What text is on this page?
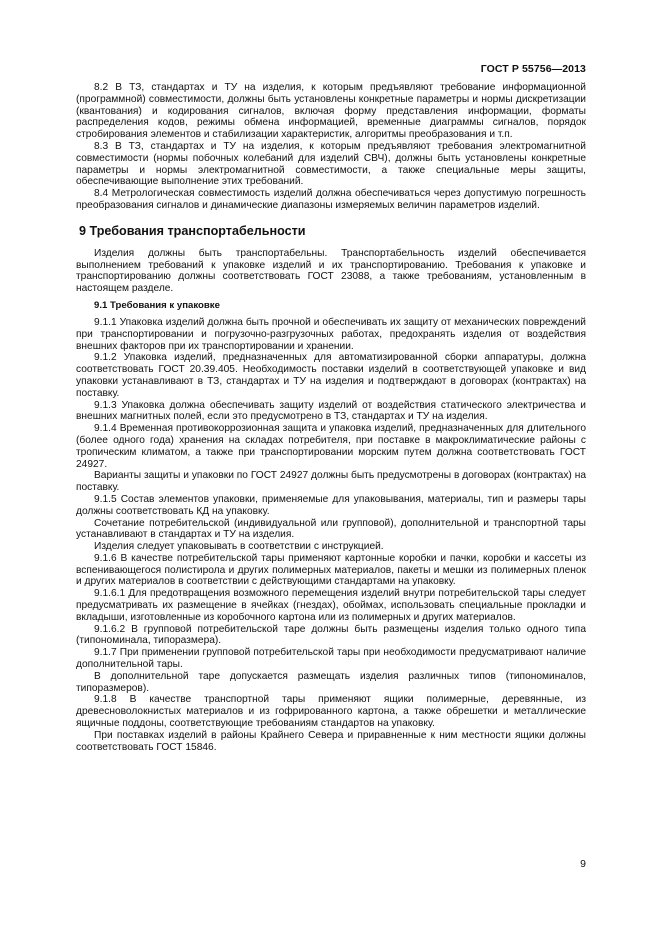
ГОСТ Р 55756—2013

8.2 В ТЗ, стандартах и ТУ на изделия, к которым предъявляют требование информационной (программной) совместимости, должны быть установлены конкретные параметры и нормы дискретизации (квантования) и кодирования сигналов, включая форму представления информации, форматы распределения кодов, режимы обмена информацией, временные диаграммы сигналов, порядок стробирования элементов и стабилизации характеристик, алгоритмы преобразования и т.п.

8.3 В ТЗ, стандартах и ТУ на изделия, к которым предъявляют требования электромагнитной совместимости (нормы побочных колебаний для изделий СВЧ), должны быть установлены конкретные параметры и нормы электромагнитной совместимости, а также специальные меры защиты, обеспечивающие выполнение этих требований.

8.4 Метрологическая совместимость изделий должна обеспечиваться через допустимую погрешность преобразования сигналов и динамические диапазоны измеряемых величин параметров изделий.

9 Требования транспортабельности

Изделия должны быть транспортабельны. Транспортабельность изделий обеспечивается выполнением требований к упаковке изделий и их транспортированию. Требования к упаковке и транспортированию должны соответствовать ГОСТ 23088, а также требованиям, установленным в настоящем разделе.

9.1 Требования к упаковке

9.1.1 Упаковка изделий должна быть прочной и обеспечивать их защиту от механических повреждений при транспортировании и погрузочно-разгрузочных работах, предохранять изделия от воздействия внешних факторов при их транспортировании и хранении.

9.1.2 Упаковка изделий, предназначенных для автоматизированной сборки аппаратуры, должна соответствовать ГОСТ 20.39.405. Необходимость поставки изделий в соответствующей упаковке и вид упаковки устанавливают в ТЗ, стандартах и ТУ на изделия и подтверждают в договорах (контрактах) на поставку.

9.1.3 Упаковка должна обеспечивать защиту изделий от воздействия статического электричества и внешних магнитных полей, если это предусмотрено в ТЗ, стандартах и ТУ на изделия.

9.1.4 Временная противокоррозионная защита и упаковка изделий, предназначенных для длительного (более одного года) хранения на складах потребителя, при поставке в макроклиматические районы с тропическим климатом, а также при транспортировании морским путем должна соответствовать ГОСТ 24927.

Варианты защиты и упаковки по ГОСТ 24927 должны быть предусмотрены в договорах (контрактах) на поставку.

9.1.5 Состав элементов упаковки, применяемые для упаковывания, материалы, тип и размеры тары должны соответствовать КД на упаковку.

Сочетание потребительской (индивидуальной или групповой), дополнительной и транспортной тары устанавливают в стандартах и ТУ на изделия.

Изделия следует упаковывать в соответствии с инструкцией.

9.1.6 В качестве потребительской тары применяют картонные коробки и пачки, коробки и кассеты из вспенивающегося полистирола и других полимерных материалов, пакеты и мешки из полимерных пленок и других материалов в соответствии с действующими стандартами на упаковку.

9.1.6.1 Для предотвращения возможного перемещения изделий внутри потребительской тары следует предусматривать их размещение в ячейках (гнездах), обоймах, использовать специальные прокладки и вкладыши, изготовленные из коробочного картона или из полимерных и других материалов.

9.1.6.2 В групповой потребительской таре должны быть размещены изделия только одного типа (типономинала, типоразмера).

9.1.7 При применении групповой потребительской тары при необходимости предусматривают наличие дополнительной тары.

В дополнительной таре допускается размещать изделия различных типов (типономиналов, типоразмеров).

9.1.8 В качестве транспортной тары применяют ящики полимерные, деревянные, из древесноволокнистых материалов и из гофрированного картона, а также обрешетки и металлические ящичные поддоны, соответствующие требованиям стандартов на упаковку.

При поставках изделий в районы Крайнего Севера и приравненные к ним местности ящики должны соответствовать ГОСТ 15846.

9
